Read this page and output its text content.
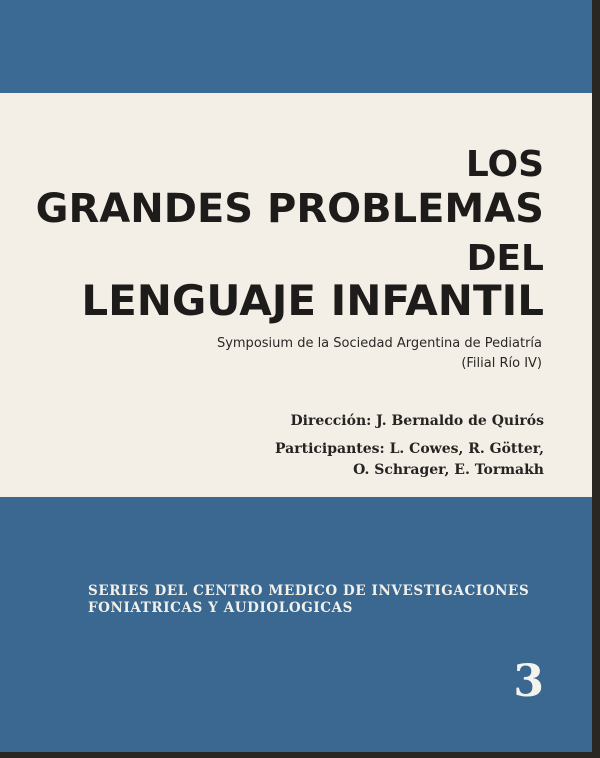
LOS
GRANDES PROBLEMAS
DEL
LENGUAJE INFANTIL

Symposium de la Sociedad Argentina de Pediatría

(Filial Río IV)

Dirección: J. Bernaldo de Quirós

Participantes: L. Cowes, R. Götter,

O. Schrager, E. Tormakh

SERIES DEL CENTRO MEDICO DE INVESTIGACIONES

FONIATRICAS Y AUDIOLOGICAS

3
